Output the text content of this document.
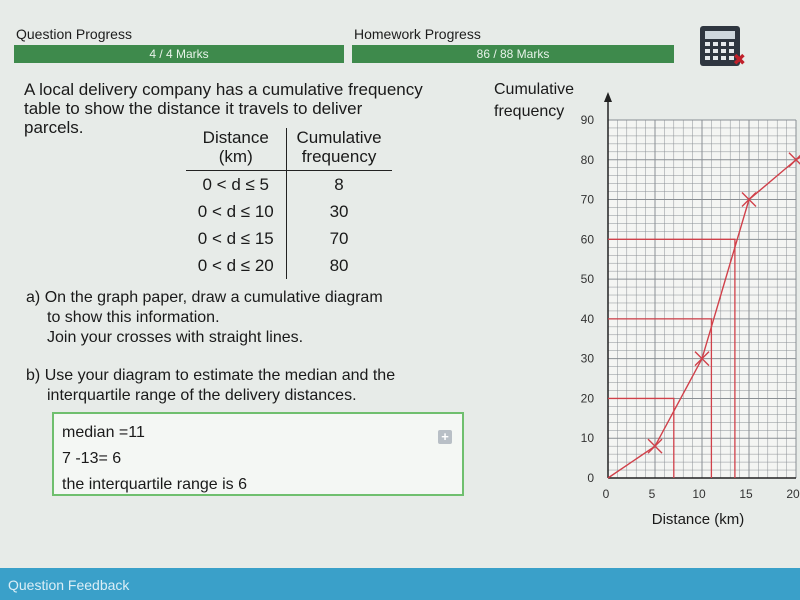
Question Progress
4 / 4 Marks
Homework Progress
86 / 88 Marks	✖
A local delivery company has a cumulative frequency table to show the distance it travels to deliver parcels.
Distance (km)	Cumulative frequency
0 < d ≤ 5	8
0 < d ≤ 10	30
0 < d ≤ 15	70
0 < d ≤ 20	80
a) On the graph paper, draw a cumulative diagram
to show this information.
Join your crosses with straight lines.
b) Use your diagram to estimate the median and the
interquartile range of the delivery distances.
median =11
7 -13= 6
the interquartile range is 6
+
0
10
20
30
40
50
60
70
80
90
0	5	10	15	20
Cumulative frequency
Distance (km)
Question Feedback
